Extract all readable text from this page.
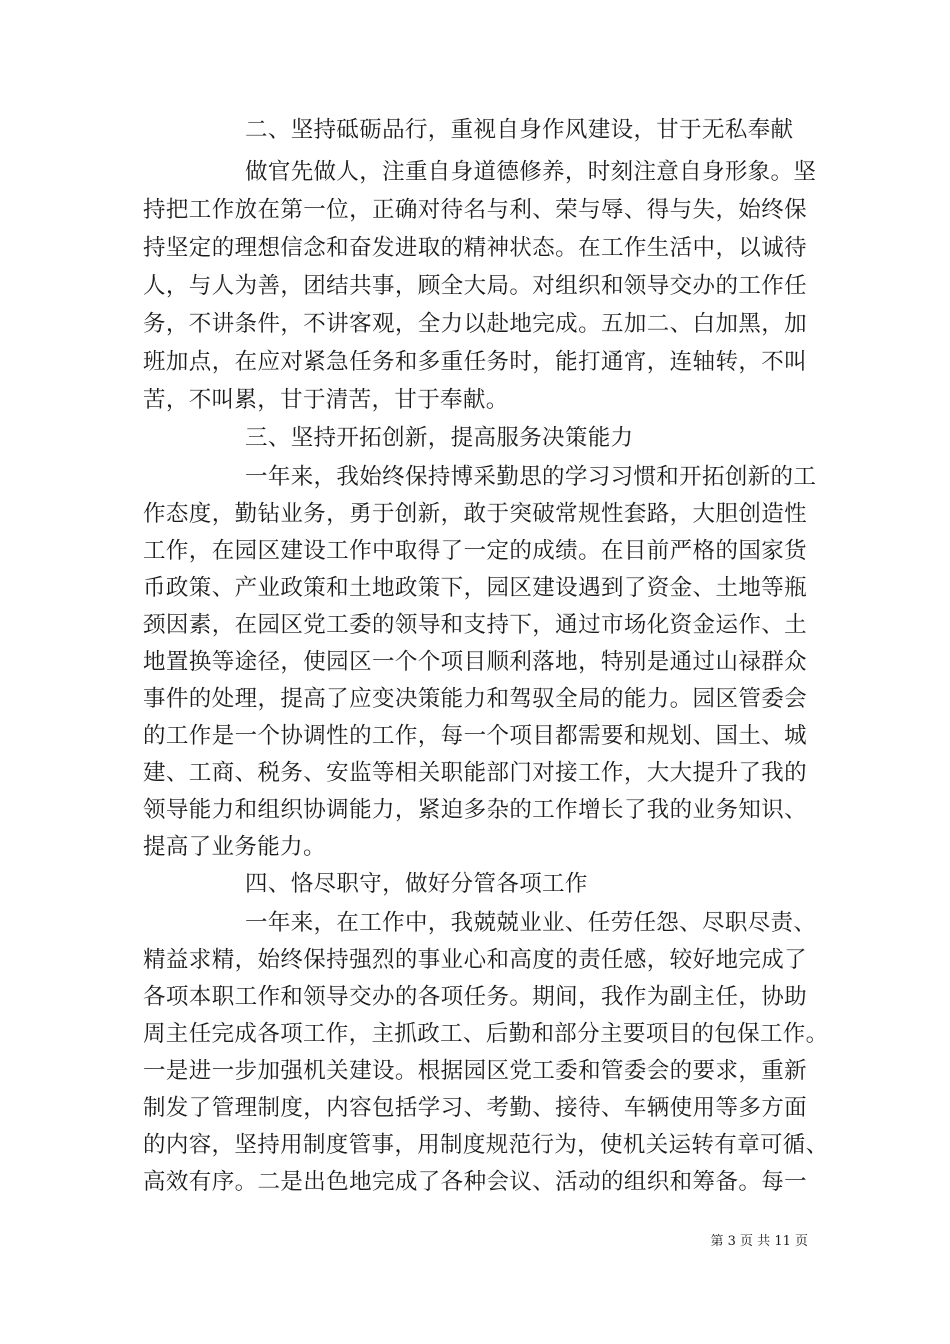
二、坚持砥砺品行，重视自身作风建设，甘于无私奉献
做官先做人，注重自身道德修养，时刻注意自身形象。坚
持把工作放在第一位，正确对待名与利、荣与辱、得与失，始终保
持坚定的理想信念和奋发进取的精神状态。在工作生活中，以诚待
人，与人为善，团结共事，顾全大局。对组织和领导交办的工作任
务，不讲条件，不讲客观，全力以赴地完成。五加二、白加黑，加
班加点，在应对紧急任务和多重任务时，能打通宵，连轴转，不叫
苦，不叫累，甘于清苦，甘于奉献。
三、坚持开拓创新，提高服务决策能力
一年来，我始终保持博采勤思的学习习惯和开拓创新的工
作态度，勤钻业务，勇于创新，敢于突破常规性套路，大胆创造性
工作，在园区建设工作中取得了一定的成绩。在目前严格的国家货
币政策、产业政策和土地政策下，园区建设遇到了资金、土地等瓶
颈因素，在园区党工委的领导和支持下，通过市场化资金运作、土
地置换等途径，使园区一个个项目顺利落地，特别是通过山禄群众
事件的处理，提高了应变决策能力和驾驭全局的能力。园区管委会
的工作是一个协调性的工作，每一个项目都需要和规划、国土、城
建、工商、税务、安监等相关职能部门对接工作，大大提升了我的
领导能力和组织协调能力，紧迫多杂的工作增长了我的业务知识、
提高了业务能力。
四、恪尽职守，做好分管各项工作
一年来，在工作中，我兢兢业业、任劳任怨、尽职尽责、
精益求精，始终保持强烈的事业心和高度的责任感，较好地完成了
各项本职工作和领导交办的各项任务。期间，我作为副主任，协助
周主任完成各项工作，主抓政工、后勤和部分主要项目的包保工作。
一是进一步加强机关建设。根据园区党工委和管委会的要求，重新
制发了管理制度，内容包括学习、考勤、接待、车辆使用等多方面
的内容，坚持用制度管事，用制度规范行为，使机关运转有章可循、
高效有序。二是出色地完成了各种会议、活动的组织和筹备。每一
第 3 页 共 11 页
